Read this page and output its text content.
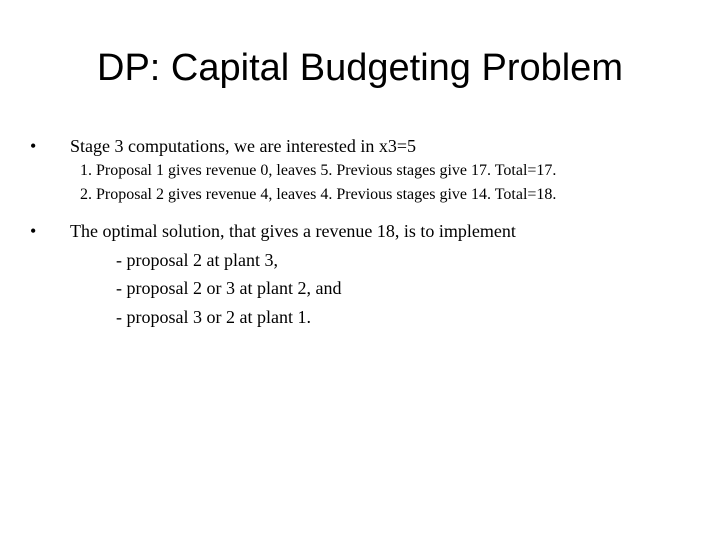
DP: Capital Budgeting Problem
• Stage 3 computations, we are interested in x3=5
1. Proposal 1 gives revenue 0, leaves 5. Previous stages give 17. Total=17.
2. Proposal 2 gives revenue 4, leaves 4. Previous stages give 14. Total=18.
• The optimal solution, that gives a revenue 18, is to implement
- proposal 2 at plant 3,
- proposal 2 or 3 at plant 2, and
- proposal 3 or 2 at plant 1.
